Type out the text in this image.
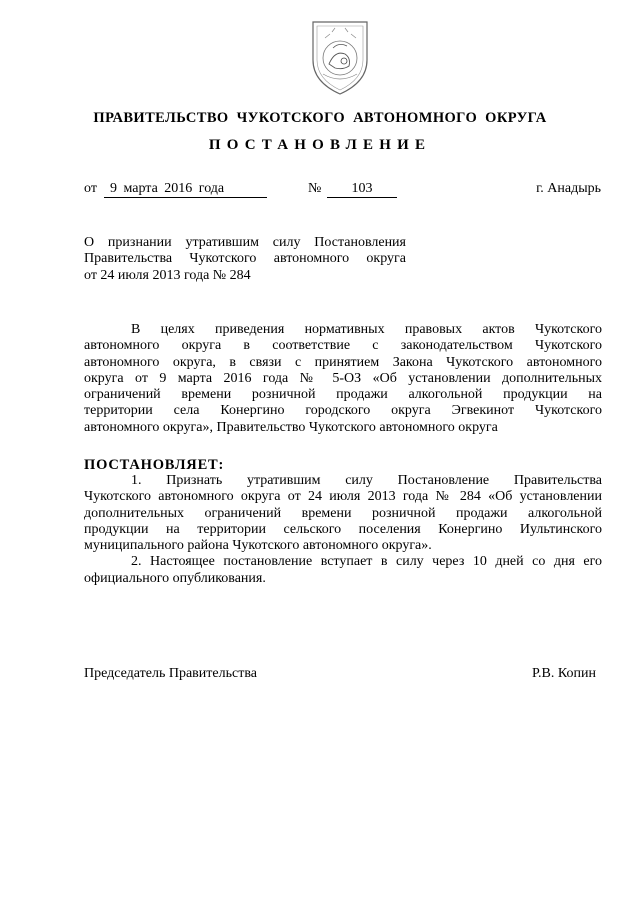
ПРАВИТЕЛЬСТВО ЧУКОТСКОГО АВТОНОМНОГО ОКРУГА
ПОСТАНОВЛЕНИЕ
от 9 марта 2016 года	№	103	г. Анадырь
О признании утратившим силу Постановления
Правительства Чукотского автономного округа
от 24 июля 2013 года № 284

В целях приведения нормативных правовых актов Чукотского
автономного округа в соответствие с законодательством Чукотского
автономного округа, в связи с принятием Закона Чукотского автономного
округа от 9 марта 2016 года № 5-ОЗ «Об установлении дополнительных
ограничений времени розничной продажи алкогольной продукции на
территории села Конергино городского округа Эгвекинот Чукотского
автономного округа», Правительство Чукотского автономного округа

ПОСТАНОВЛЯЕТ:

1. Признать утратившим силу Постановление Правительства
Чукотского автономного округа от 24 июля 2013 года № 284 «Об установлении
дополнительных ограничений времени розничной продажи алкогольной
продукции на территории сельского поселения Конергино Иультинского
муниципального района Чукотского автономного округа».

2. Настоящее постановление вступает в силу через 10 дней со дня его
официального опубликования.

Председатель Правительства	Р.В. Копин
